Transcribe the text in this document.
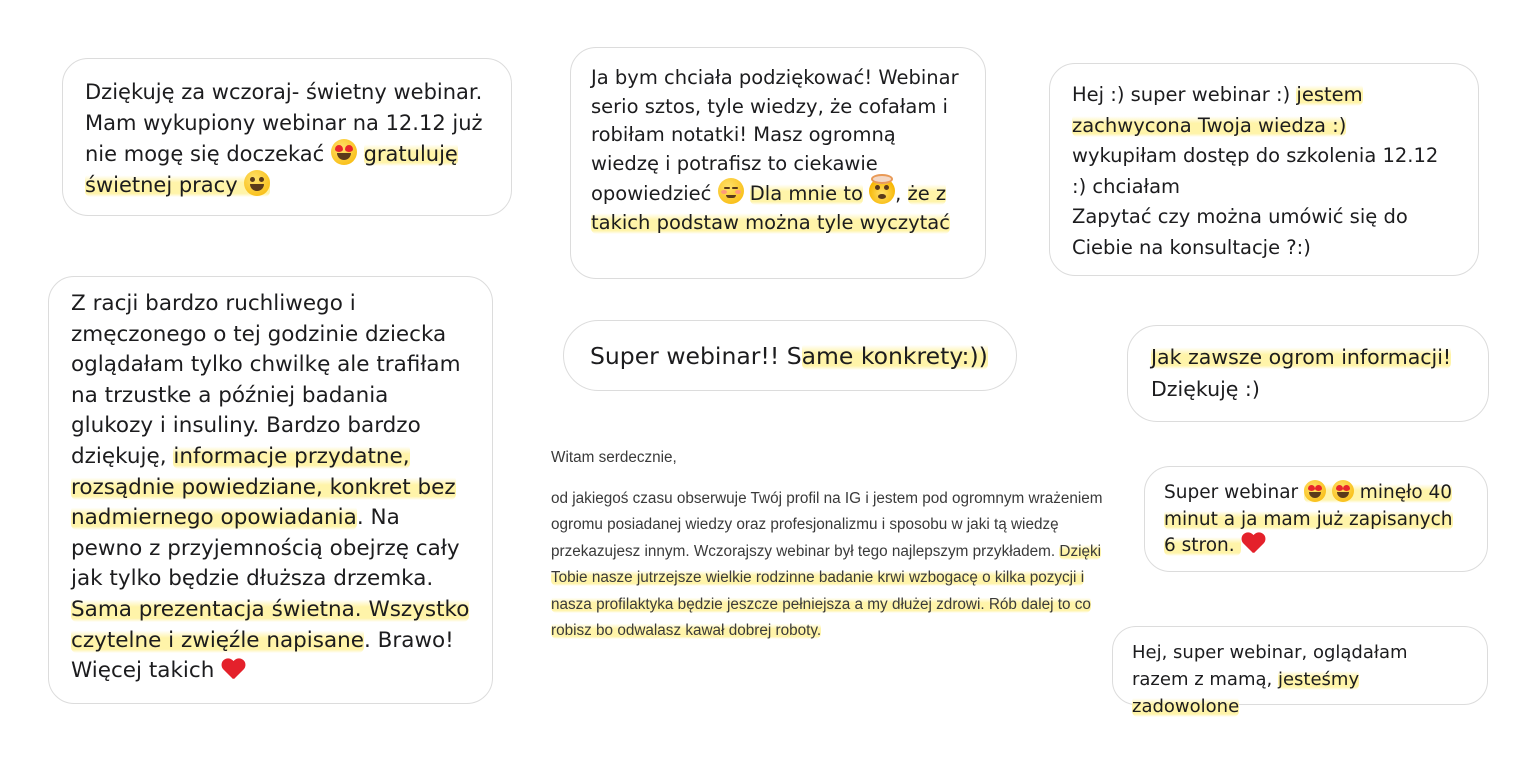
Dziękuję za wczoraj- świetny webinar. Mam wykupiony webinar na 12.12 już nie mogę się doczekać
gratuluję świetnej pracy

Ja bym chciała podziękować! Webinar serio sztos, tyle wiedzy, że cofałam i robiłam notatki! Masz ogromną wiedzę i potrafisz to ciekawie opowiedzieć
Dla mnie to , że z takich podstaw można tyle wyczytać

Hej :) super webinar :) jestem zachwycona Twoja wiedza :)
wykupiłam dostęp do szkolenia 12.12 :) chciałam
Zapytać czy można umówić się do Ciebie na konsultacje ?:)

Z racji bardzo ruchliwego i zmęczonego o tej godzinie dziecka oglądałam tylko chwilkę ale trafiłam na trzustke a później badania glukozy i insuliny. Bardzo bardzo dziękuję, informacje przydatne, rozsądnie powiedziane, konkret bez nadmiernego opowiadania. Na pewno z przyjemnością obejrzę cały jak tylko będzie dłuższa drzemka. Sama prezentacja świetna. Wszystko czytelne i zwięźle napisane. Brawo! Więcej takich

Super webinar!! Same konkrety:))	Jak zawsze ogrom informacji!
Dziękuję :)

Super webinar
	minęło 40 minut a ja mam już zapisanych 6 stron.

Hej, super webinar, oglądałam razem z mamą, jesteśmy zadowolone

Witam serdecznie,

od jakiegoś czasu obserwuje Twój profil na IG i jestem pod ogromnym wrażeniem ogromu posiadanej wiedzy oraz profesjonalizmu i sposobu w jaki tą wiedzę przekazujesz innym. Wczorajszy webinar był tego najlepszym przykładem. Dzięki Tobie nasze jutrzejsze wielkie rodzinne badanie krwi wzbogacę o kilka pozycji i nasza profilaktyka będzie jeszcze pełniejsza a my dłużej zdrowi. Rób dalej to co robisz bo odwalasz kawał dobrej roboty.
